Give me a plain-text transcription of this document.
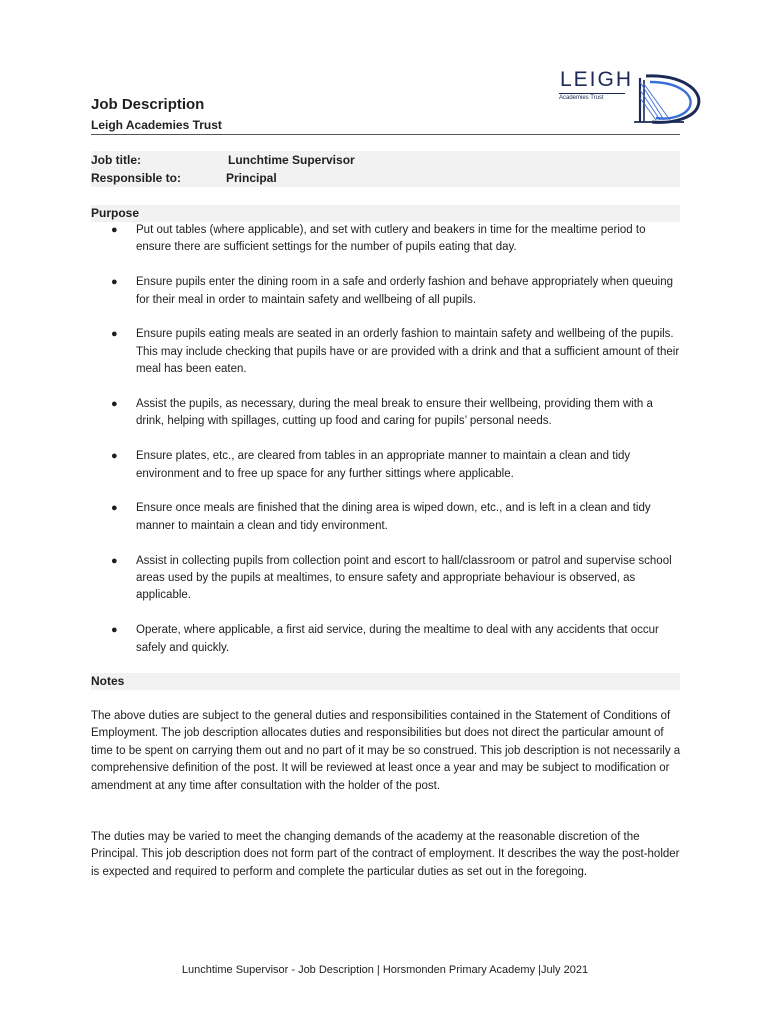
LEIGH
Academies Trust
Job Description
Leigh Academies Trust
Job title:	Lunchtime Supervisor
Responsible to:	Principal
Purpose
● Put out tables (where applicable), and set with cutlery and beakers in time for the mealtime period to ensure there are sufficient settings for the number of pupils eating that day.
● Ensure pupils enter the dining room in a safe and orderly fashion and behave appropriately when queuing for their meal in order to maintain safety and wellbeing of all pupils.
● Ensure pupils eating meals are seated in an orderly fashion to maintain safety and wellbeing of the pupils. This may include checking that pupils have or are provided with a drink and that a sufficient amount of their meal has been eaten.
● Assist the pupils, as necessary, during the meal break to ensure their wellbeing, providing them with a drink, helping with spillages, cutting up food and caring for pupils’ personal needs.
● Ensure plates, etc., are cleared from tables in an appropriate manner to maintain a clean and tidy environment and to free up space for any further sittings where applicable.
● Ensure once meals are finished that the dining area is wiped down, etc., and is left in a clean and tidy manner to maintain a clean and tidy environment.
● Assist in collecting pupils from collection point and escort to hall/classroom or patrol and supervise school areas used by the pupils at mealtimes, to ensure safety and appropriate behaviour is observed, as applicable.
● Operate, where applicable, a first aid service, during the mealtime to deal with any accidents that occur safely and quickly.
Notes

The above duties are subject to the general duties and responsibilities contained in the Statement of Conditions of Employment. The job description allocates duties and responsibilities but does not direct the particular amount of time to be spent on carrying them out and no part of it may be so construed. This job description is not necessarily a comprehensive definition of the post. It will be reviewed at least once a year and may be subject to modification or amendment at any time after consultation with the holder of the post.

The duties may be varied to meet the changing demands of the academy at the reasonable discretion of the Principal. This job description does not form part of the contract of employment. It describes the way the post-holder is expected and required to perform and complete the particular duties as set out in the foregoing.

Lunchtime Supervisor - Job Description | Horsmonden Primary Academy |July 2021
